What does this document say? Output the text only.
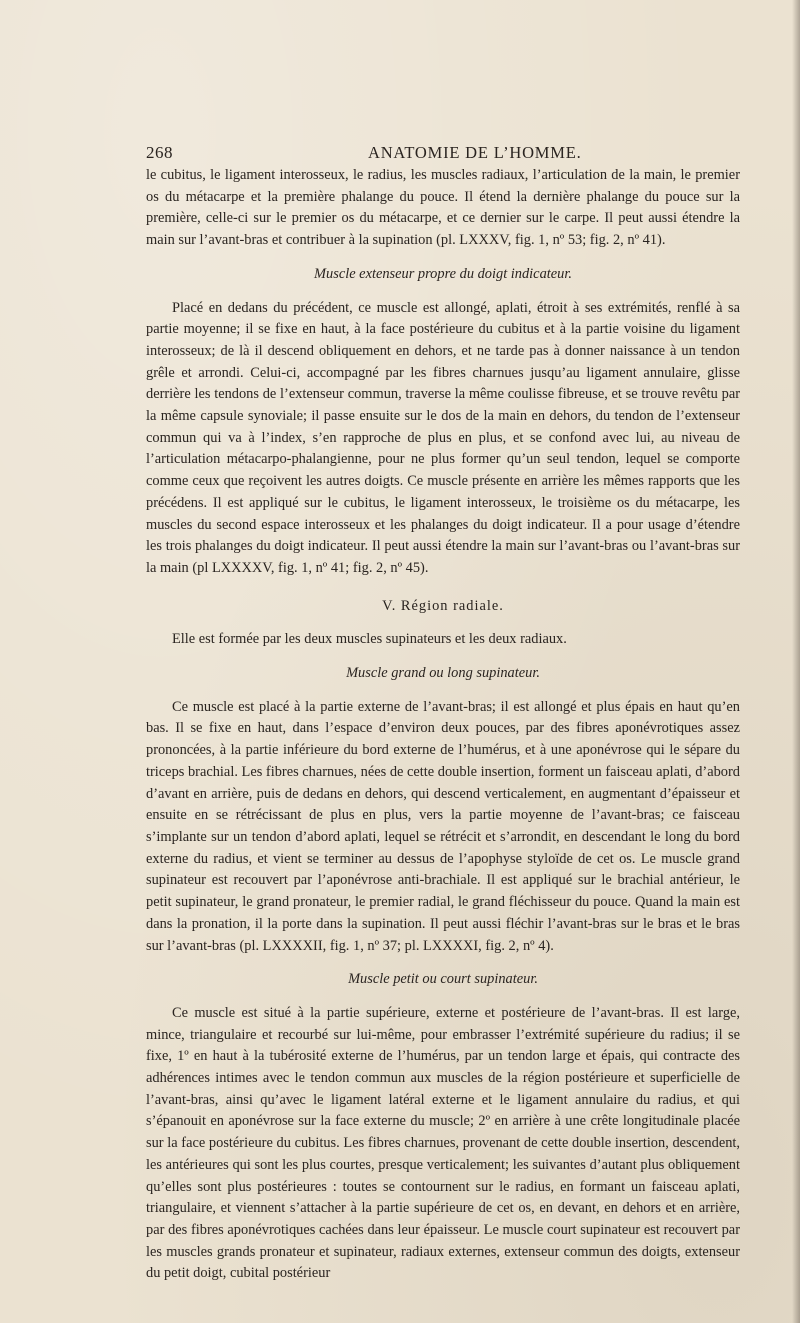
268	ANATOMIE DE L’HOMME.

le cubitus, le ligament interosseux, le radius, les muscles radiaux, l’articulation de la main, le premier os du métacarpe et la première phalange du pouce. Il étend la dernière phalange du pouce sur la première, celle-ci sur le premier os du métacarpe, et ce dernier sur le carpe. Il peut aussi étendre la main sur l’avant-bras et contribuer à la supination (pl. LXXXV, fig. 1, nº 53; fig. 2, nº 41).

Muscle extenseur propre du doigt indicateur.

Placé en dedans du précédent, ce muscle est allongé, aplati, étroit à ses extrémités, renflé à sa partie moyenne; il se fixe en haut, à la face postérieure du cubitus et à la partie voisine du ligament interosseux; de là il descend obliquement en dehors, et ne tarde pas à donner naissance à un tendon grêle et arrondi. Celui-ci, accompagné par les fibres charnues jusqu’au ligament annulaire, glisse derrière les tendons de l’extenseur commun, traverse la même coulisse fibreuse, et se trouve revêtu par la même capsule synoviale; il passe ensuite sur le dos de la main en dehors, du tendon de l’extenseur commun qui va à l’index, s’en rapproche de plus en plus, et se confond avec lui, au niveau de l’articulation métacarpo-phalangienne, pour ne plus former qu’un seul tendon, lequel se comporte comme ceux que reçoivent les autres doigts. Ce muscle présente en arrière les mêmes rapports que les précédens. Il est appliqué sur le cubitus, le ligament interosseux, le troisième os du métacarpe, les muscles du second espace interosseux et les phalanges du doigt indicateur. Il a pour usage d’étendre les trois phalanges du doigt indicateur. Il peut aussi étendre la main sur l’avant-bras ou l’avant-bras sur la main (pl LXXXXV, fig. 1, nº 41; fig. 2, nº 45).

V. Région radiale.

Elle est formée par les deux muscles supinateurs et les deux radiaux.

Muscle grand ou long supinateur.

Ce muscle est placé à la partie externe de l’avant-bras; il est allongé et plus épais en haut qu’en bas. Il se fixe en haut, dans l’espace d’environ deux pouces, par des fibres aponévrotiques assez prononcées, à la partie inférieure du bord externe de l’humérus, et à une aponévrose qui le sépare du triceps brachial. Les fibres charnues, nées de cette double insertion, forment un faisceau aplati, d’abord d’avant en arrière, puis de dedans en dehors, qui descend verticalement, en augmentant d’épaisseur et ensuite en se rétrécissant de plus en plus, vers la partie moyenne de l’avant-bras; ce faisceau s’implante sur un tendon d’abord aplati, lequel se rétrécit et s’arrondit, en descendant le long du bord externe du radius, et vient se terminer au dessus de l’apophyse styloïde de cet os. Le muscle grand supinateur est recouvert par l’aponévrose anti-brachiale. Il est appliqué sur le brachial antérieur, le petit supinateur, le grand pronateur, le premier radial, le grand fléchisseur du pouce. Quand la main est dans la pronation, il la porte dans la supination. Il peut aussi fléchir l’avant-bras sur le bras et le bras sur l’avant-bras (pl. LXXXXII, fig. 1, nº 37; pl. LXXXXI, fig. 2, nº 4).

Muscle petit ou court supinateur.

Ce muscle est situé à la partie supérieure, externe et postérieure de l’avant-bras. Il est large, mince, triangulaire et recourbé sur lui-même, pour embrasser l’extrémité supérieure du radius; il se fixe, 1º en haut à la tubérosité externe de l’humérus, par un tendon large et épais, qui contracte des adhérences intimes avec le tendon commun aux muscles de la région postérieure et superficielle de l’avant-bras, ainsi qu’avec le ligament latéral externe et le ligament annulaire du radius, et qui s’épanouit en aponévrose sur la face externe du muscle; 2º en arrière à une crête longitudinale placée sur la face postérieure du cubitus. Les fibres charnues, provenant de cette double insertion, descendent, les antérieures qui sont les plus courtes, presque verticalement; les suivantes d’autant plus obliquement qu’elles sont plus postérieures : toutes se contournent sur le radius, en formant un faisceau aplati, triangulaire, et viennent s’attacher à la partie supérieure de cet os, en devant, en dehors et en arrière, par des fibres aponévrotiques cachées dans leur épaisseur. Le muscle court supinateur est recouvert par les muscles grands pronateur et supinateur, radiaux externes, extenseur commun des doigts, extenseur du petit doigt, cubital postérieur
